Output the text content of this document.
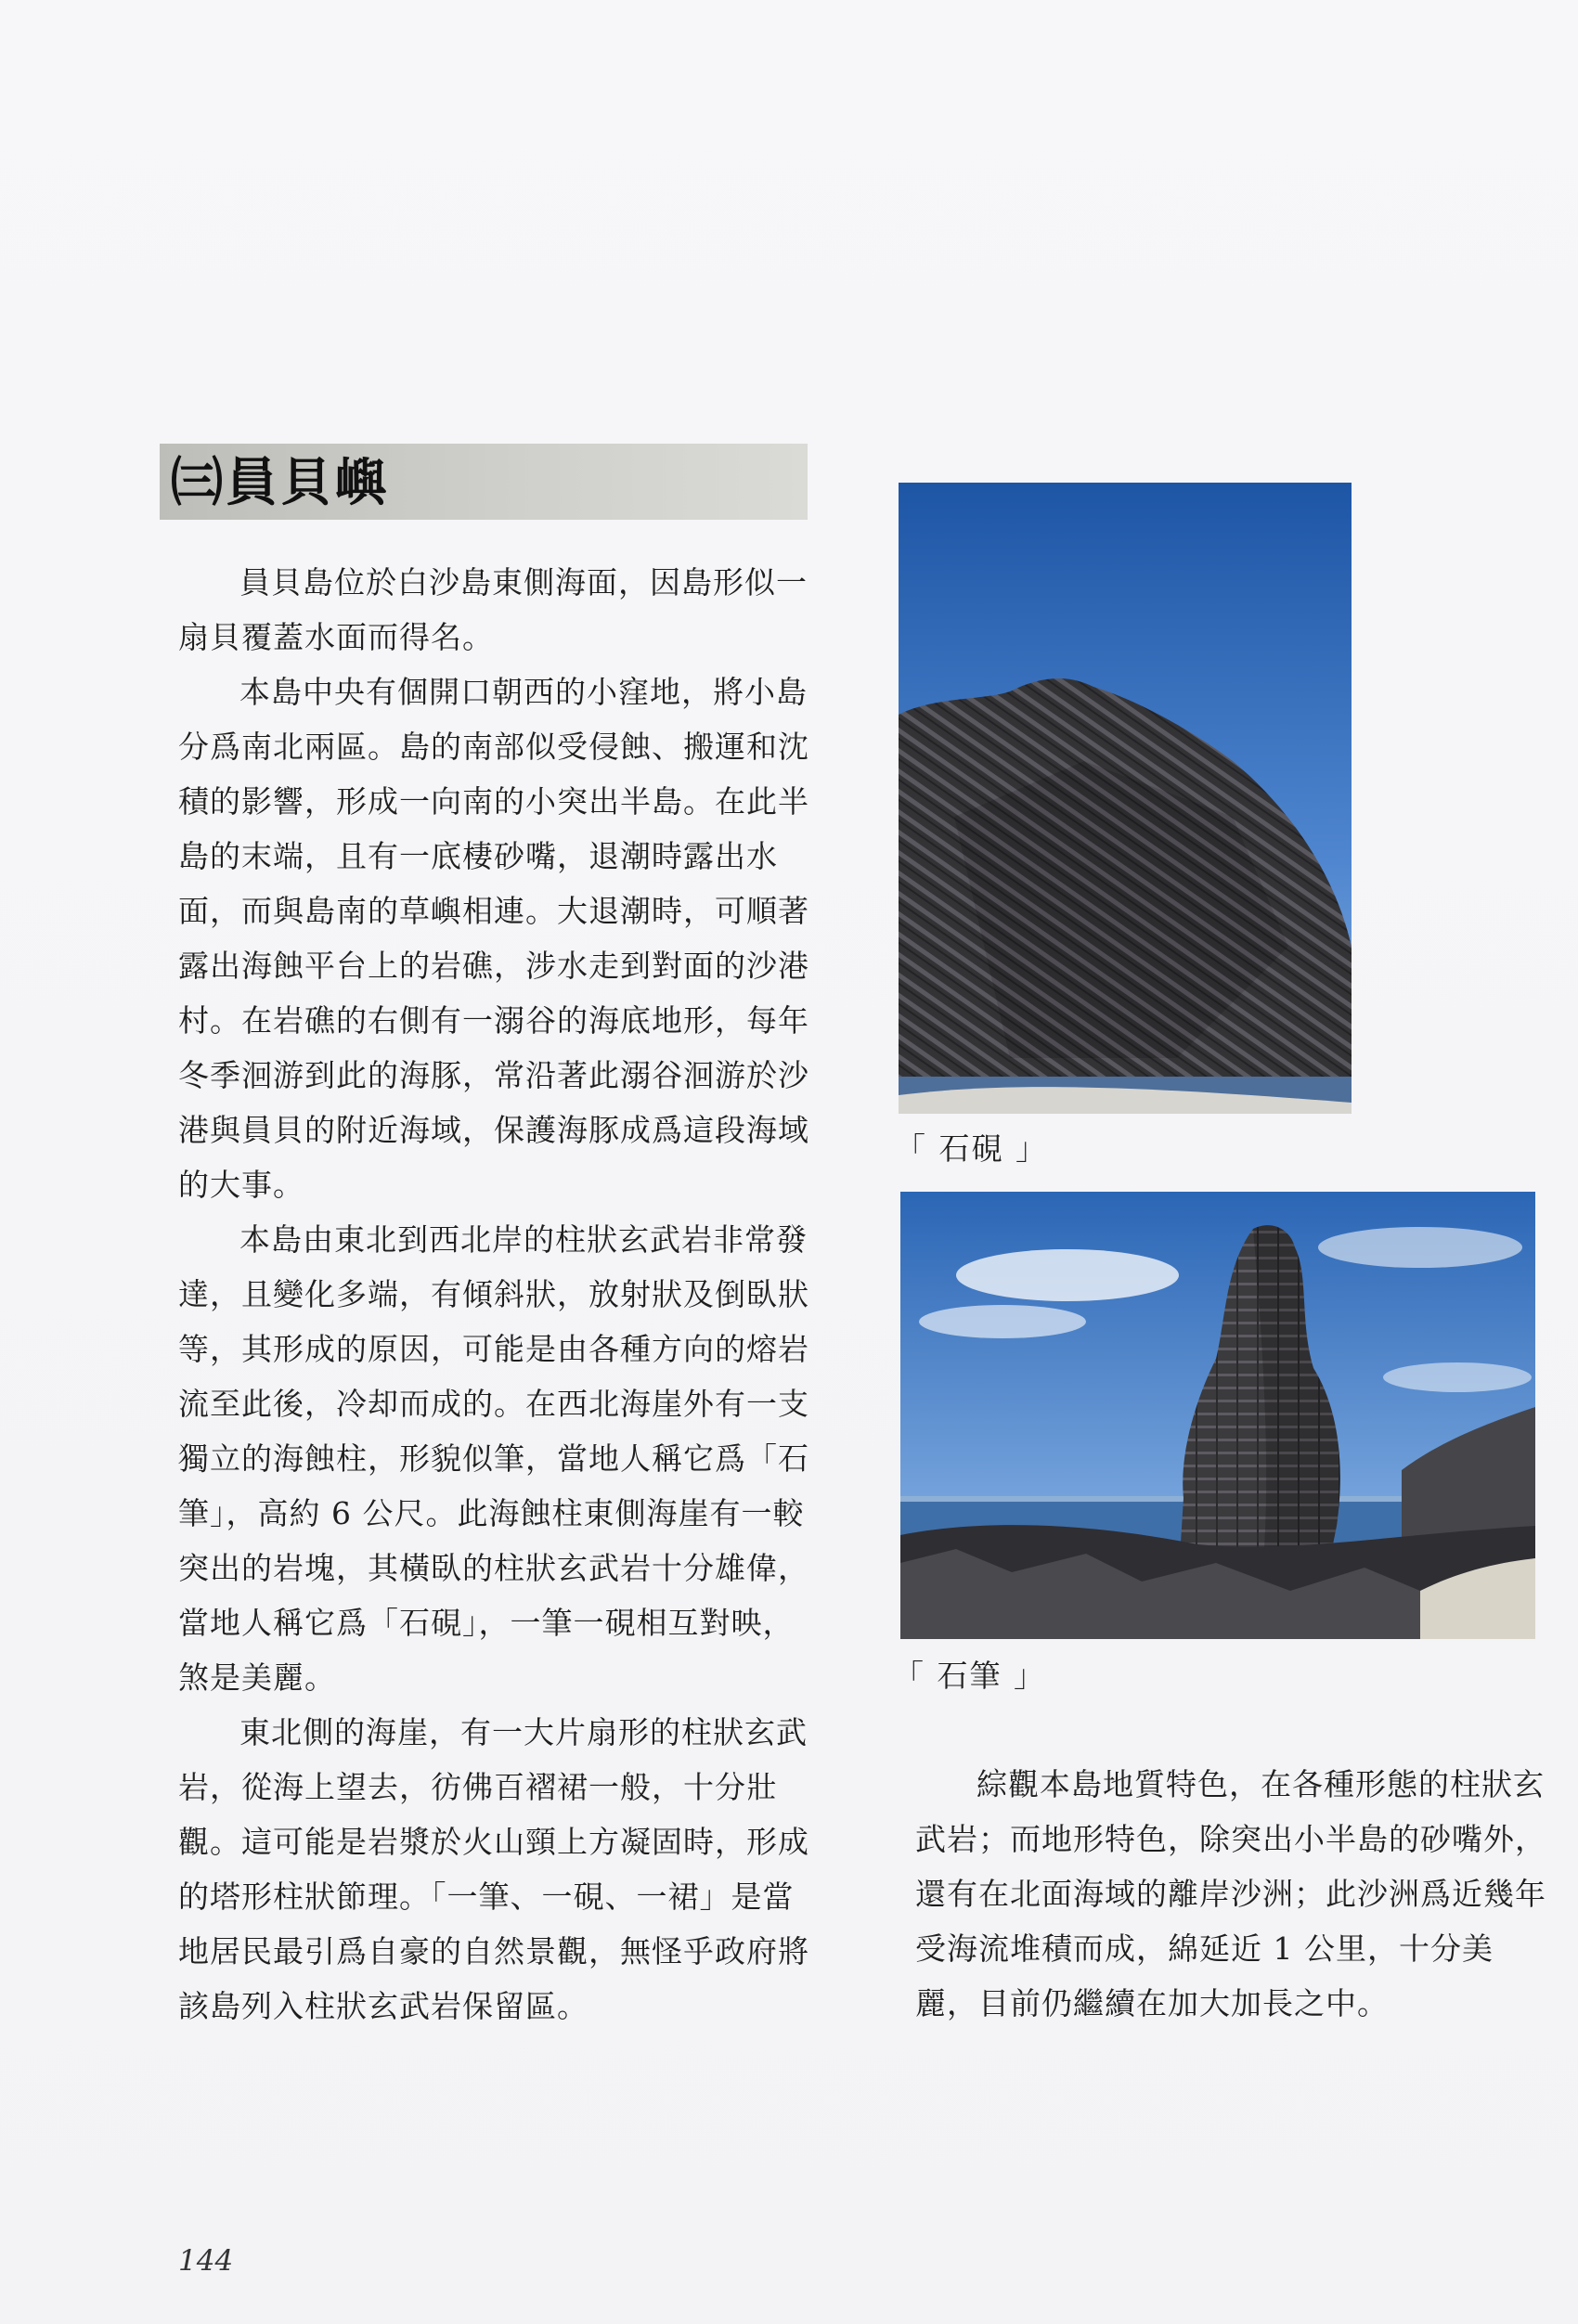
㈢員貝嶼

員貝島位於白沙島東側海面，因島形似一扇貝覆蓋水面而得名。

本島中央有個開口朝西的小窪地，將小島分爲南北兩區。島的南部似受侵蝕、搬運和沈積的影響，形成一向南的小突出半島。在此半島的末端，且有一底棲砂嘴，退潮時露出水面，而與島南的草嶼相連。大退潮時，可順著露出海蝕平台上的岩礁，涉水走到對面的沙港村。在岩礁的右側有一溺谷的海底地形，每年冬季洄游到此的海豚，常沿著此溺谷洄游於沙港與員貝的附近海域，保護海豚成爲這段海域的大事。

本島由東北到西北岸的柱狀玄武岩非常發達，且變化多端，有傾斜狀，放射狀及倒臥狀等，其形成的原因，可能是由各種方向的熔岩流至此後，冷却而成的。在西北海崖外有一支獨立的海蝕柱，形貌似筆，當地人稱它爲「石筆」，高約 6 公尺。此海蝕柱東側海崖有一較突出的岩塊，其橫臥的柱狀玄武岩十分雄偉，當地人稱它爲「石硯」，一筆一硯相互對映，煞是美麗。

東北側的海崖，有一大片扇形的柱狀玄武岩，從海上望去，彷佛百褶裙一般，十分壯觀。這可能是岩漿於火山頸上方凝固時，形成的塔形柱狀節理。「一筆、一硯、一裙」是當地居民最引爲自豪的自然景觀，無怪乎政府將該島列入柱狀玄武岩保留區。

「 石硯 」
「 石筆 」

綜觀本島地質特色，在各種形態的柱狀玄武岩；而地形特色，除突出小半島的砂嘴外，還有在北面海域的離岸沙洲；此沙洲爲近幾年受海流堆積而成，綿延近 1 公里，十分美麗，目前仍繼續在加大加長之中。

144
